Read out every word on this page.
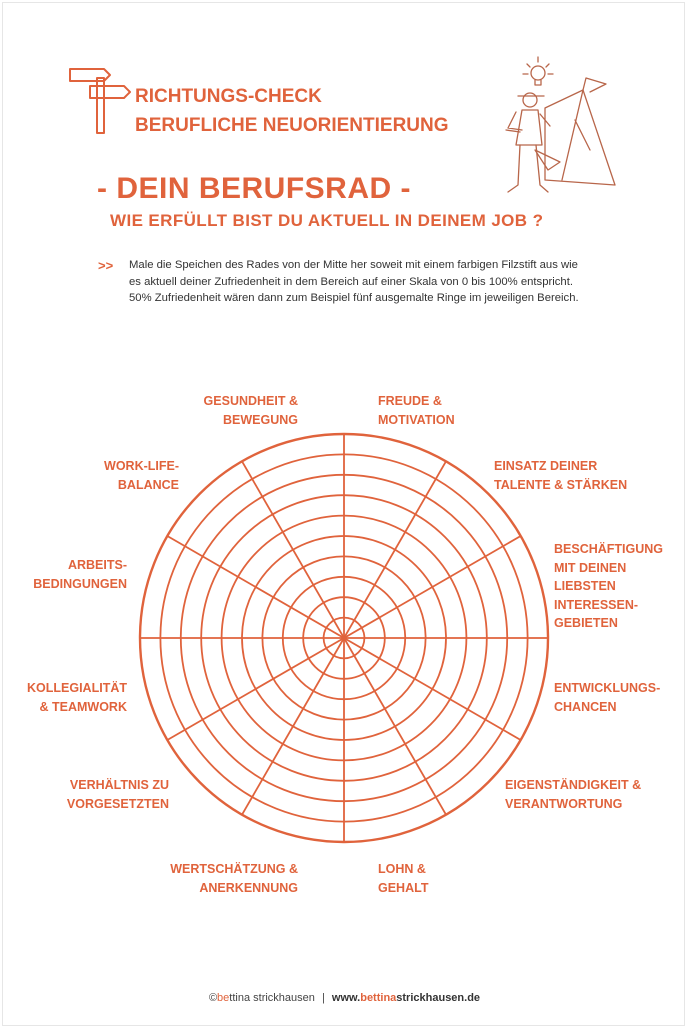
RICHTUNGS-CHECK
BERUFLICHE NEUORIENTIERUNG
- DEIN BERUFSRAD -
WIE ERFÜLLT BIST DU AKTUELL IN DEINEM JOB ?
>> Male die Speichen des Rades von der Mitte her soweit mit einem farbigen Filzstift aus wie es aktuell deiner Zufriedenheit in dem Bereich auf einer Skala von 0 bis 100% entspricht. 50% Zufriedenheit wären dann zum Beispiel fünf ausgemalte Ringe im jeweiligen Bereich.
GESUNDHEIT &
BEWEGUNG
FREUDE &
MOTIVATION
EINSATZ DEINER
TALENTE & STÄRKEN
BESCHÄFTIGUNG
MIT DEINEN
LIEBSTEN
INTERESSEN-
GEBIETEN
ENTWICKLUNGS-
CHANCEN
EIGENSTÄNDIGKEIT &
VERANTWORTUNG
LOHN &
GEHALT
WERTSCHÄTZUNG &
ANERKENNUNG
VERHÄLTNIS ZU
VORGESETZTEN
KOLLEGIALITÄT
& TEAMWORK
ARBEITS-
BEDINGUNGEN
WORK-LIFE-
BALANCE
©bettina strickhausen | www.bettinastrickhausen.de
